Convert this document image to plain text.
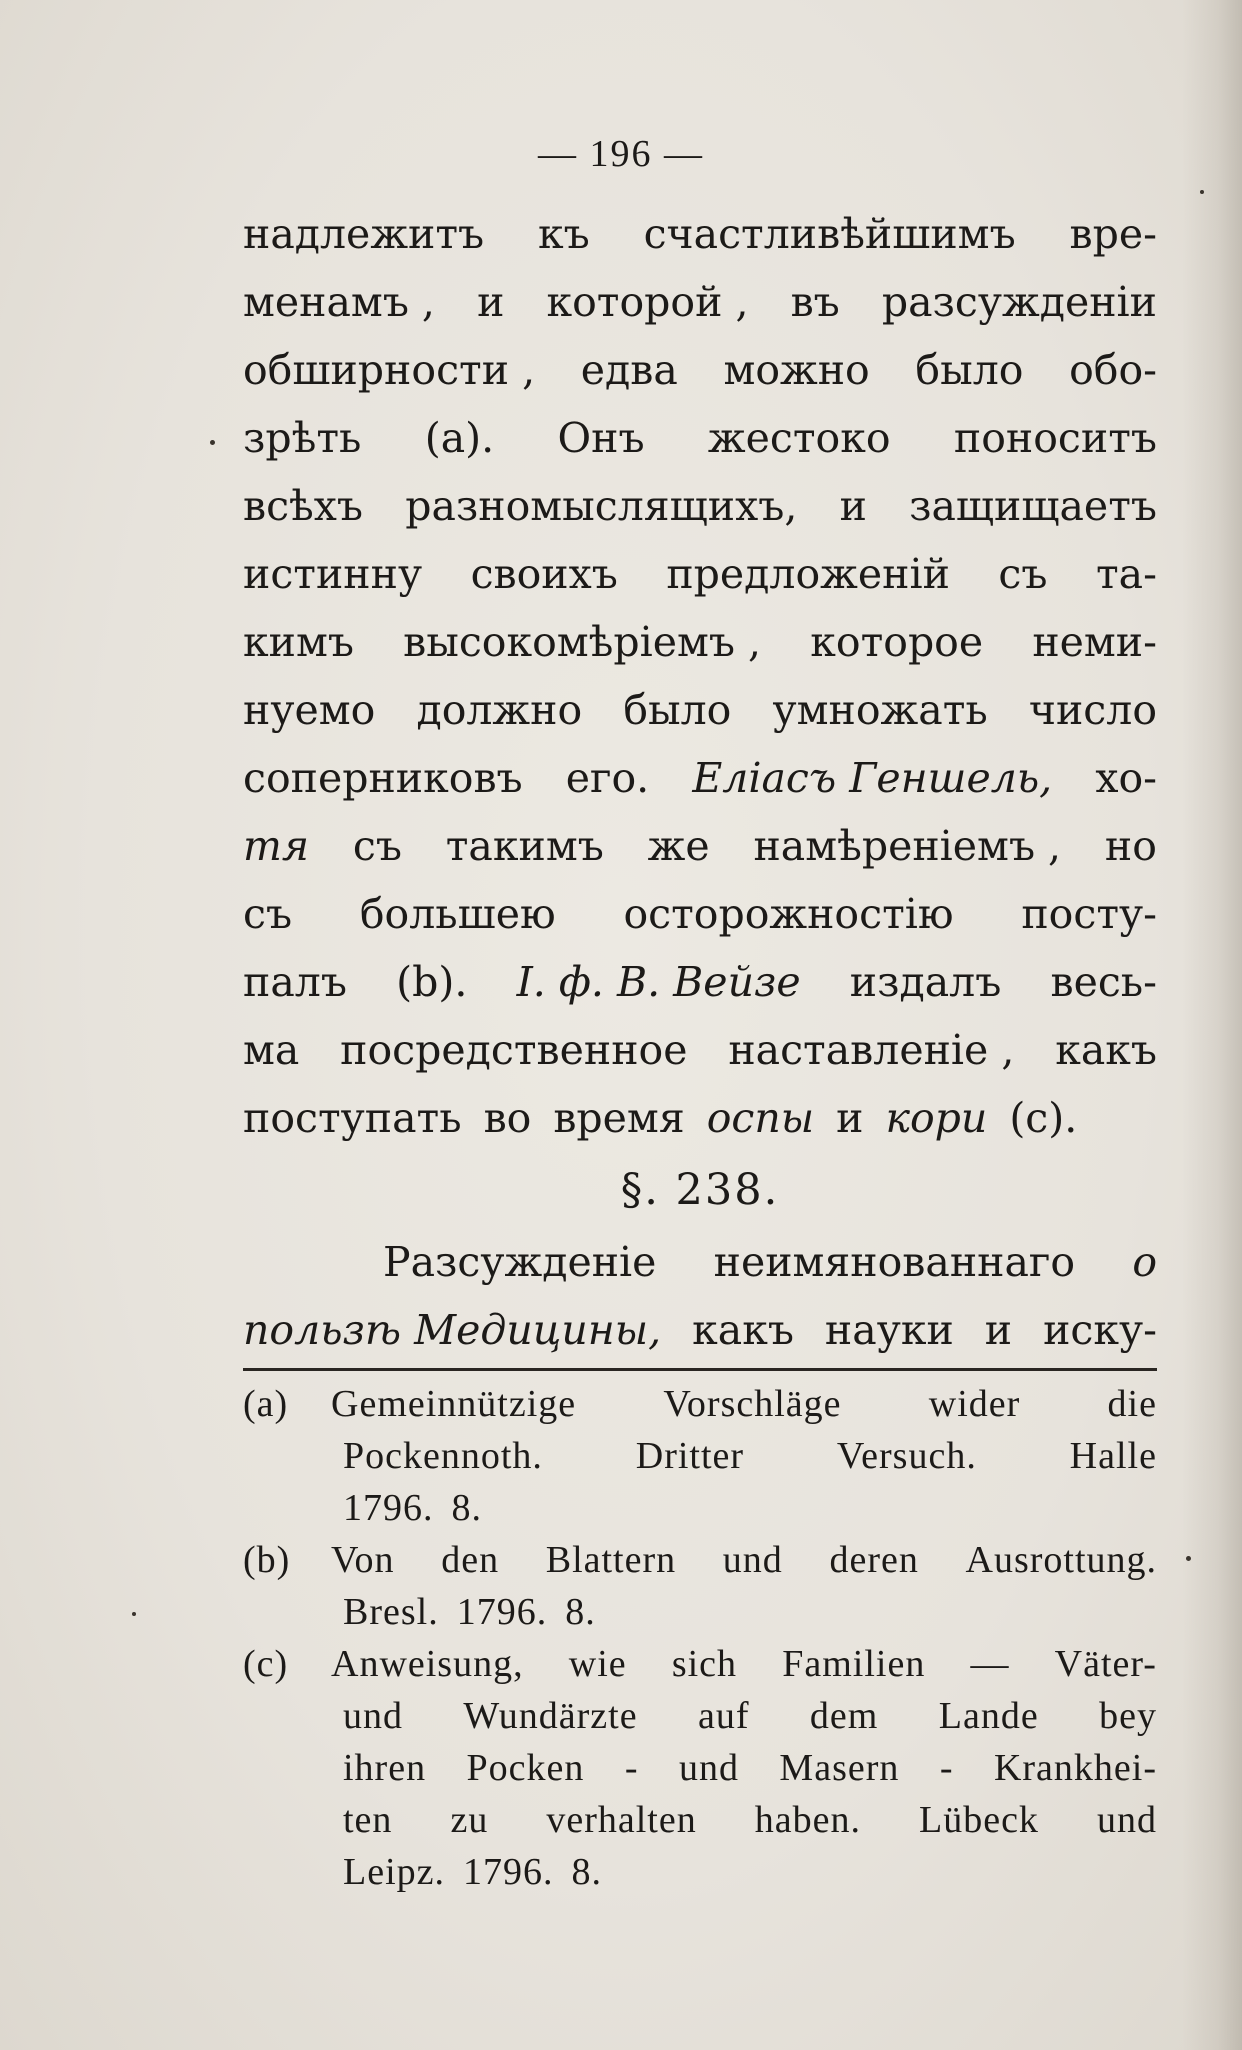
— 196 —
надлежитъ къ счастливѣйшимъ вре-
менамъ , и которой , въ разсужденіи
обширности , едва можно было обо-
зрѣть (а). Онъ жестоко поноситъ
всѣхъ разномыслящихъ, и защищаетъ
истинну своихъ предложеній съ та-
кимъ высокомѣріемъ , которое неми-
нуемо должно было умножать число
соперниковъ его. Еліасъ Геншель, хо-
тя съ такимъ же намѣреніемъ , но
съ большею осторожностію посту-
палъ (b). І. ф. В. Вейзе издалъ весь-
ма посредственное наставленіе , какъ
поступать во время оспы и кори (с).
§. 238.
Разсужденіе неимянованнаго о
пользѣ Медицины, какъ науки и иску-
(a)	Gemeinnützige Vorschläge wider die
Pockennoth. Dritter Versuch. Halle
1796. 8.
(b)	Von den Blattern und deren Ausrottung.
Bresl. 1796. 8.
(c)	Anweisung, wie sich Familien — Väter-
und Wundärzte auf dem Lande bey
ihren Pocken - und Masern - Krankhei-
ten zu verhalten haben. Lübeck und
Leipz. 1796. 8.
